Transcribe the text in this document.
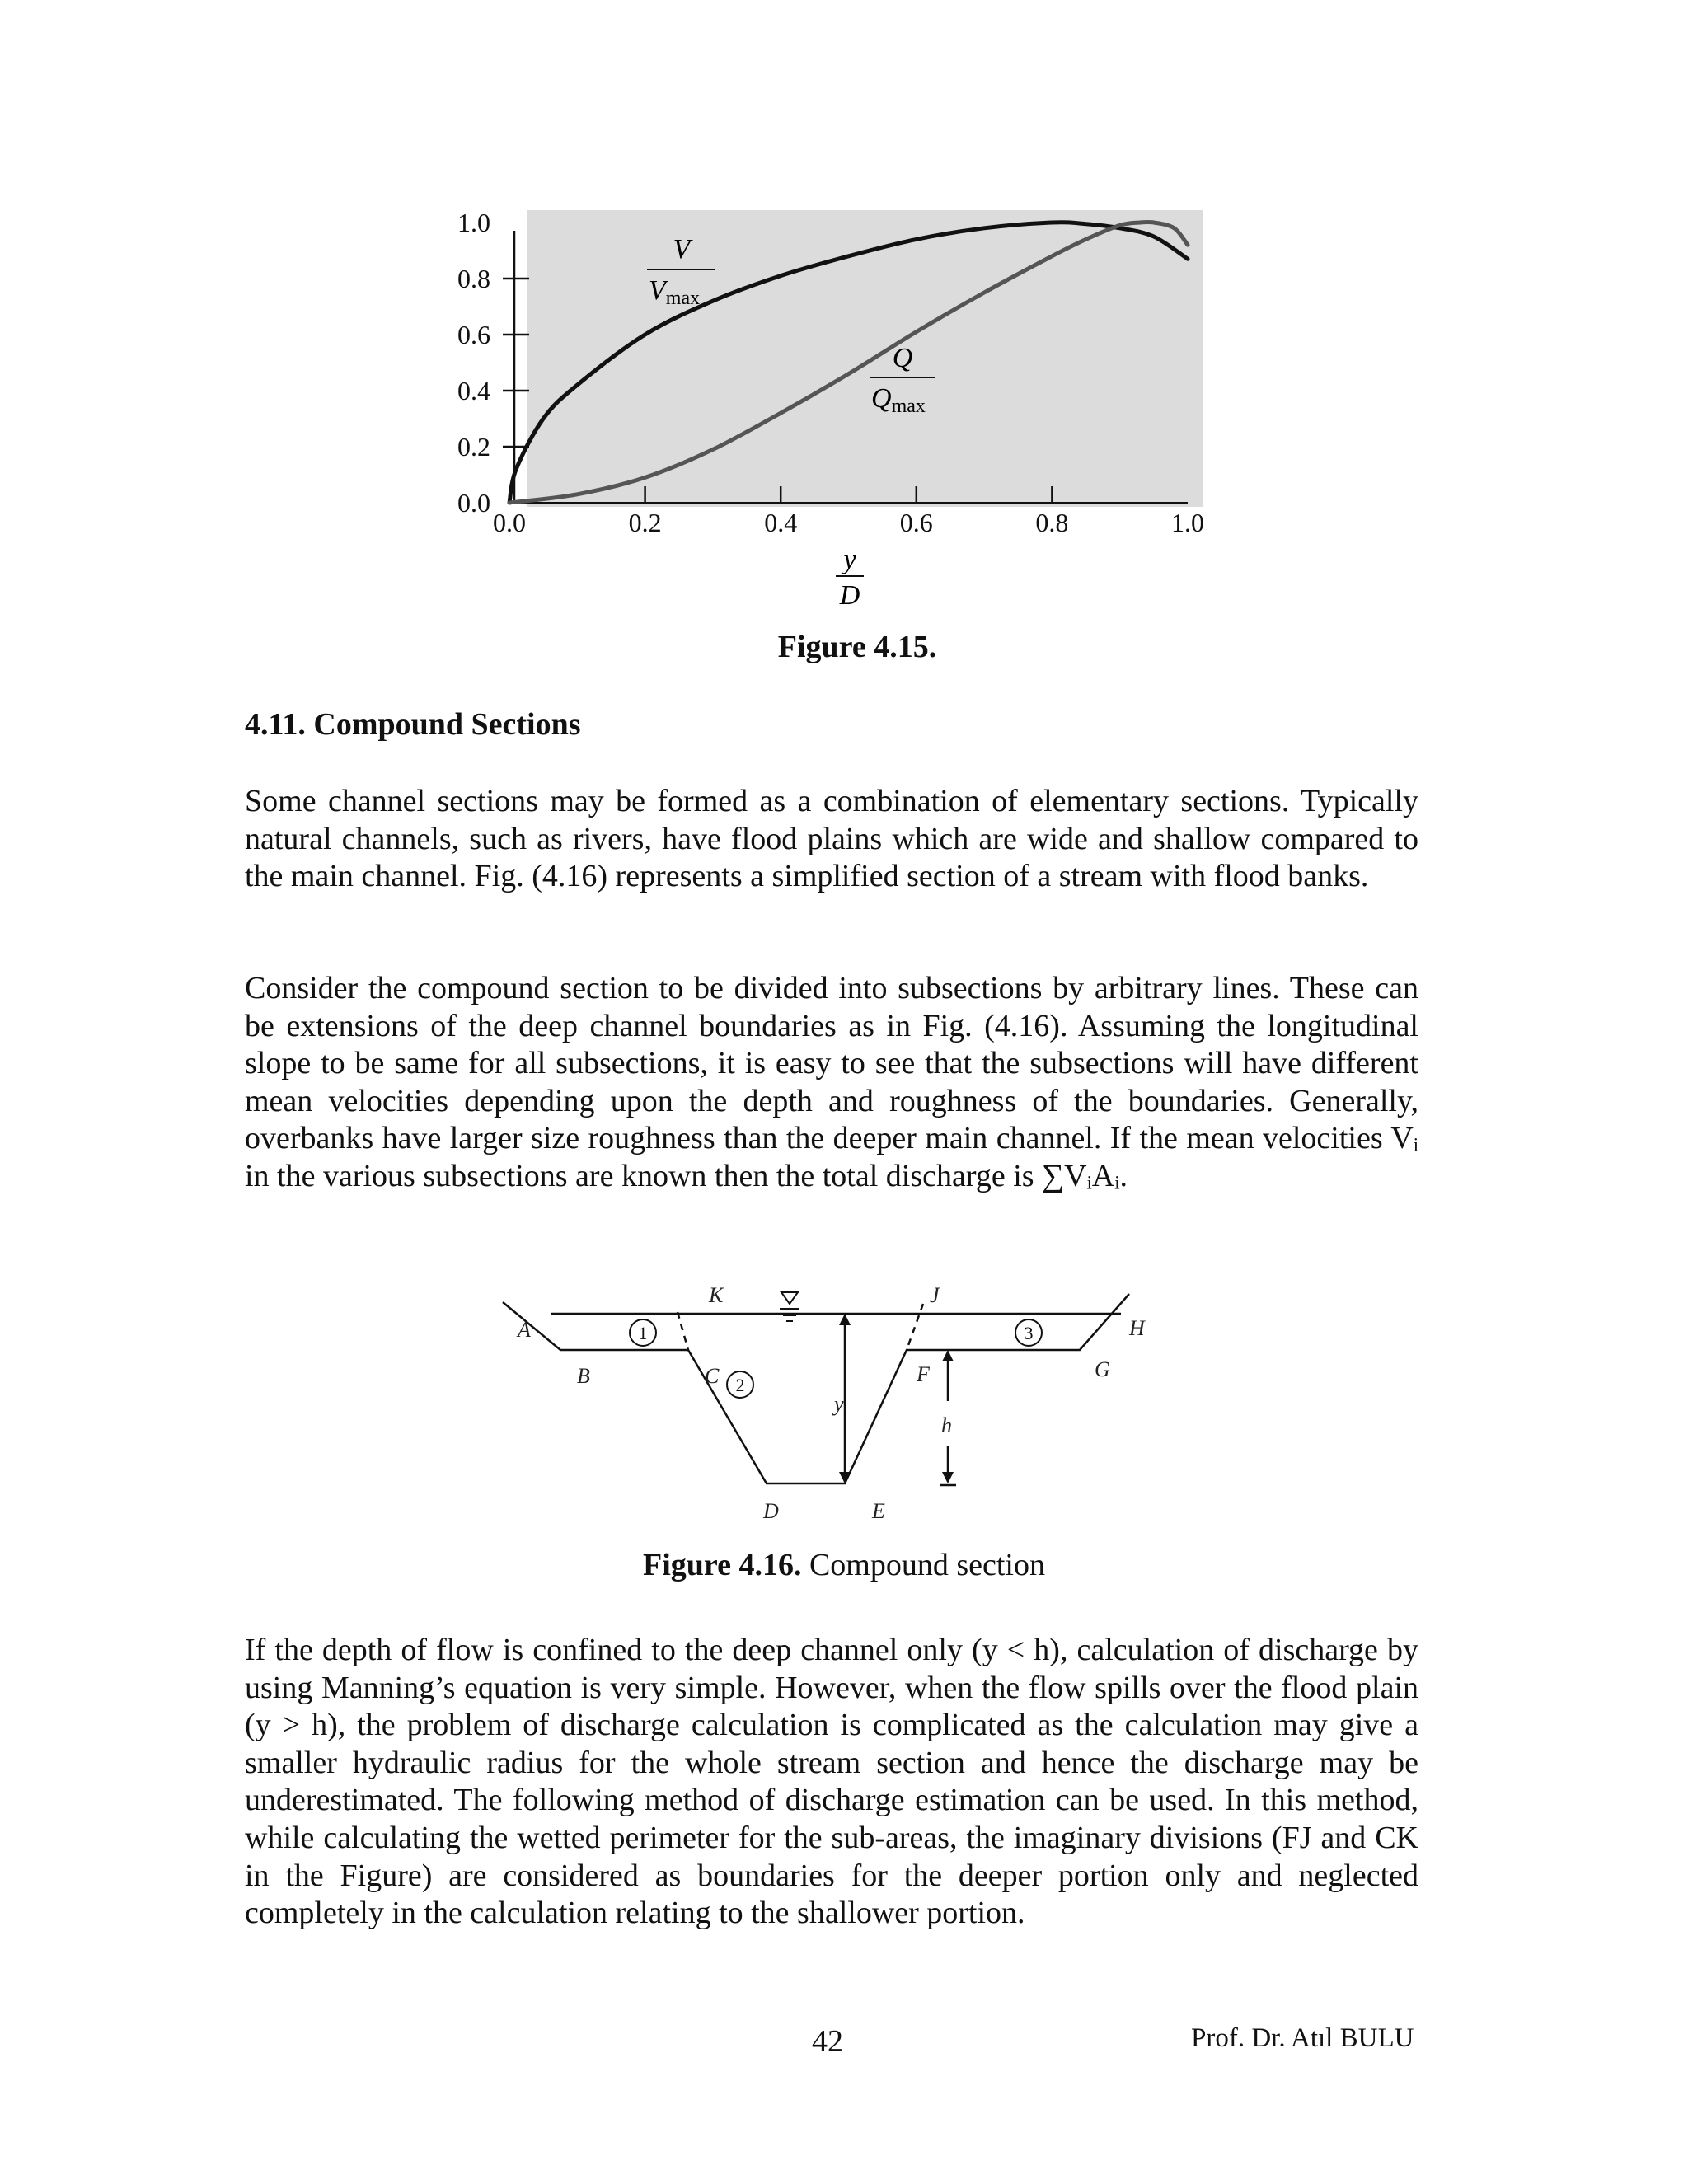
0.0
0.2
0.4
0.6
0.8
1.0
0.0	0.2	0.4	0.6	0.8	1.0
V
Vmax
Q
Qmax
y
D
Figure 4.15.
4.11. Compound Sections
Some channel sections may be formed as a combination of elementary sections. Typically natural channels, such as rivers, have flood plains which are wide and shallow compared to the main channel. Fig. (4.16) represents a simplified section of a stream with flood banks.
Consider the compound section to be divided into subsections by arbitrary lines. These can be extensions of the deep channel boundaries as in Fig. (4.16). Assuming the longitudinal slope to be same for all subsections, it is easy to see that the subsections will have different mean velocities depending upon the depth and roughness of the boundaries. Generally, overbanks have larger size roughness than the deeper main channel. If the mean velocities Vᵢ in the various subsections are known then the total discharge is ∑VᵢAᵢ.
1
2
3
A
B	C
D	E
F	G
H
J
K
y
h
Figure 4.16. Compound section
If the depth of flow is confined to the deep channel only (y < h), calculation of discharge by using Manning’s equation is very simple. However, when the flow spills over the flood plain (y > h), the problem of discharge calculation is complicated as the calculation may give a smaller hydraulic radius for the whole stream section and hence the discharge may be underestimated. The following method of discharge estimation can be used. In this method, while calculating the wetted perimeter for the sub-areas, the imaginary divisions (FJ and CK in the Figure) are considered as boundaries for the deeper portion only and neglected completely in the calculation relating to the shallower portion.
42	Prof. Dr. Atıl BULU
